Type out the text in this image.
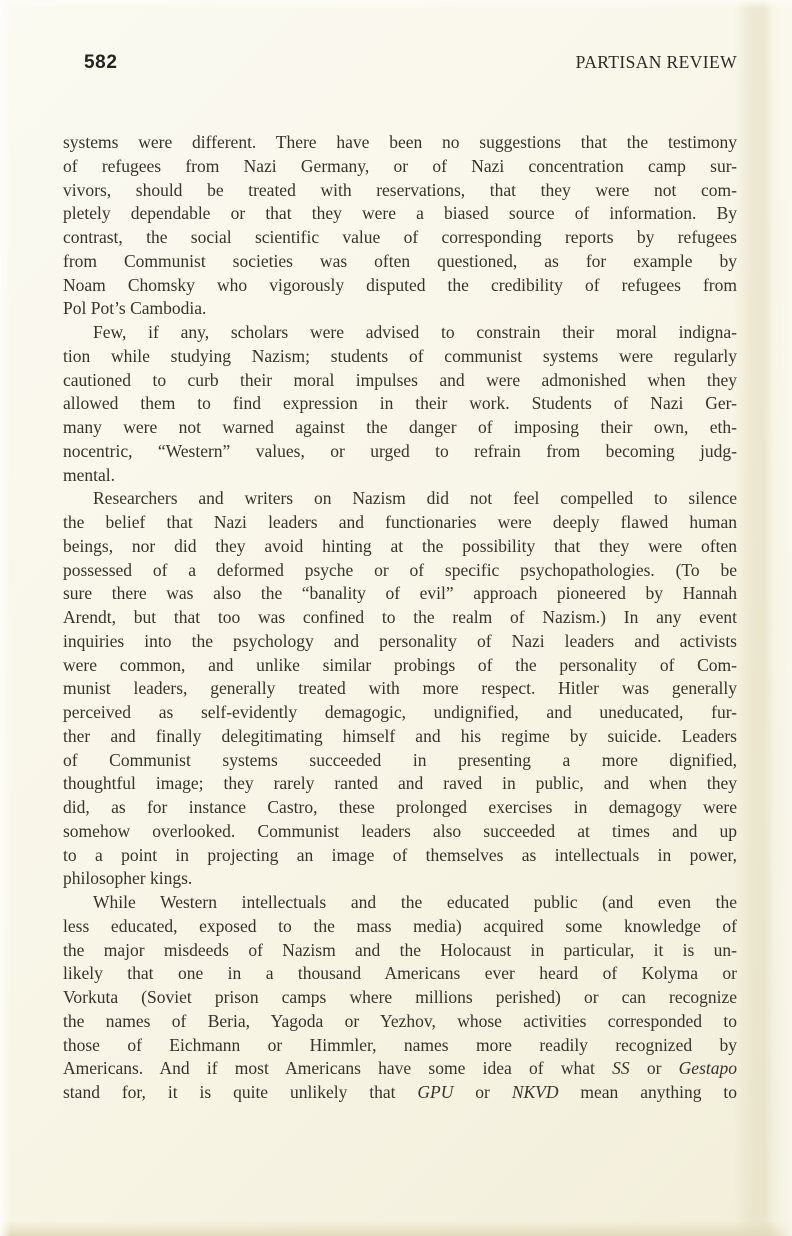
582	PARTISAN REVIEW

systems were different. There have been no suggestions that the testimony
of refugees from Nazi Germany, or of Nazi concentration camp sur-
vivors, should be treated with reservations, that they were not com-
pletely dependable or that they were a biased source of information. By
contrast, the social scientific value of corresponding reports by refugees
from Communist societies was often questioned, as for example by
Noam Chomsky who vigorously disputed the credibility of refugees from
Pol Pot’s Cambodia.

Few, if any, scholars were advised to constrain their moral indigna-
tion while studying Nazism; students of communist systems were regularly
cautioned to curb their moral impulses and were admonished when they
allowed them to find expression in their work. Students of Nazi Ger-
many were not warned against the danger of imposing their own, eth-
nocentric, “Western” values, or urged to refrain from becoming judg-
mental.

Researchers and writers on Nazism did not feel compelled to silence
the belief that Nazi leaders and functionaries were deeply flawed human
beings, nor did they avoid hinting at the possibility that they were often
possessed of a deformed psyche or of specific psychopathologies. (To be
sure there was also the “banality of evil” approach pioneered by Hannah
Arendt, but that too was confined to the realm of Nazism.) In any event
inquiries into the psychology and personality of Nazi leaders and activists
were common, and unlike similar probings of the personality of Com-
munist leaders, generally treated with more respect. Hitler was generally
perceived as self-evidently demagogic, undignified, and uneducated, fur-
ther and finally delegitimating himself and his regime by suicide. Leaders
of Communist systems succeeded in presenting a more dignified,
thoughtful image; they rarely ranted and raved in public, and when they
did, as for instance Castro, these prolonged exercises in demagogy were
somehow overlooked. Communist leaders also succeeded at times and up
to a point in projecting an image of themselves as intellectuals in power,
philosopher kings.

While Western intellectuals and the educated public (and even the
less educated, exposed to the mass media) acquired some knowledge of
the major misdeeds of Nazism and the Holocaust in particular, it is un-
likely that one in a thousand Americans ever heard of Kolyma or
Vorkuta (Soviet prison camps where millions perished) or can recognize
the names of Beria, Yagoda or Yezhov, whose activities corresponded to
those of Eichmann or Himmler, names more readily recognized by
Americans. And if most Americans have some idea of what SS or Gestapo
stand for, it is quite unlikely that GPU or NKVD mean anything to
